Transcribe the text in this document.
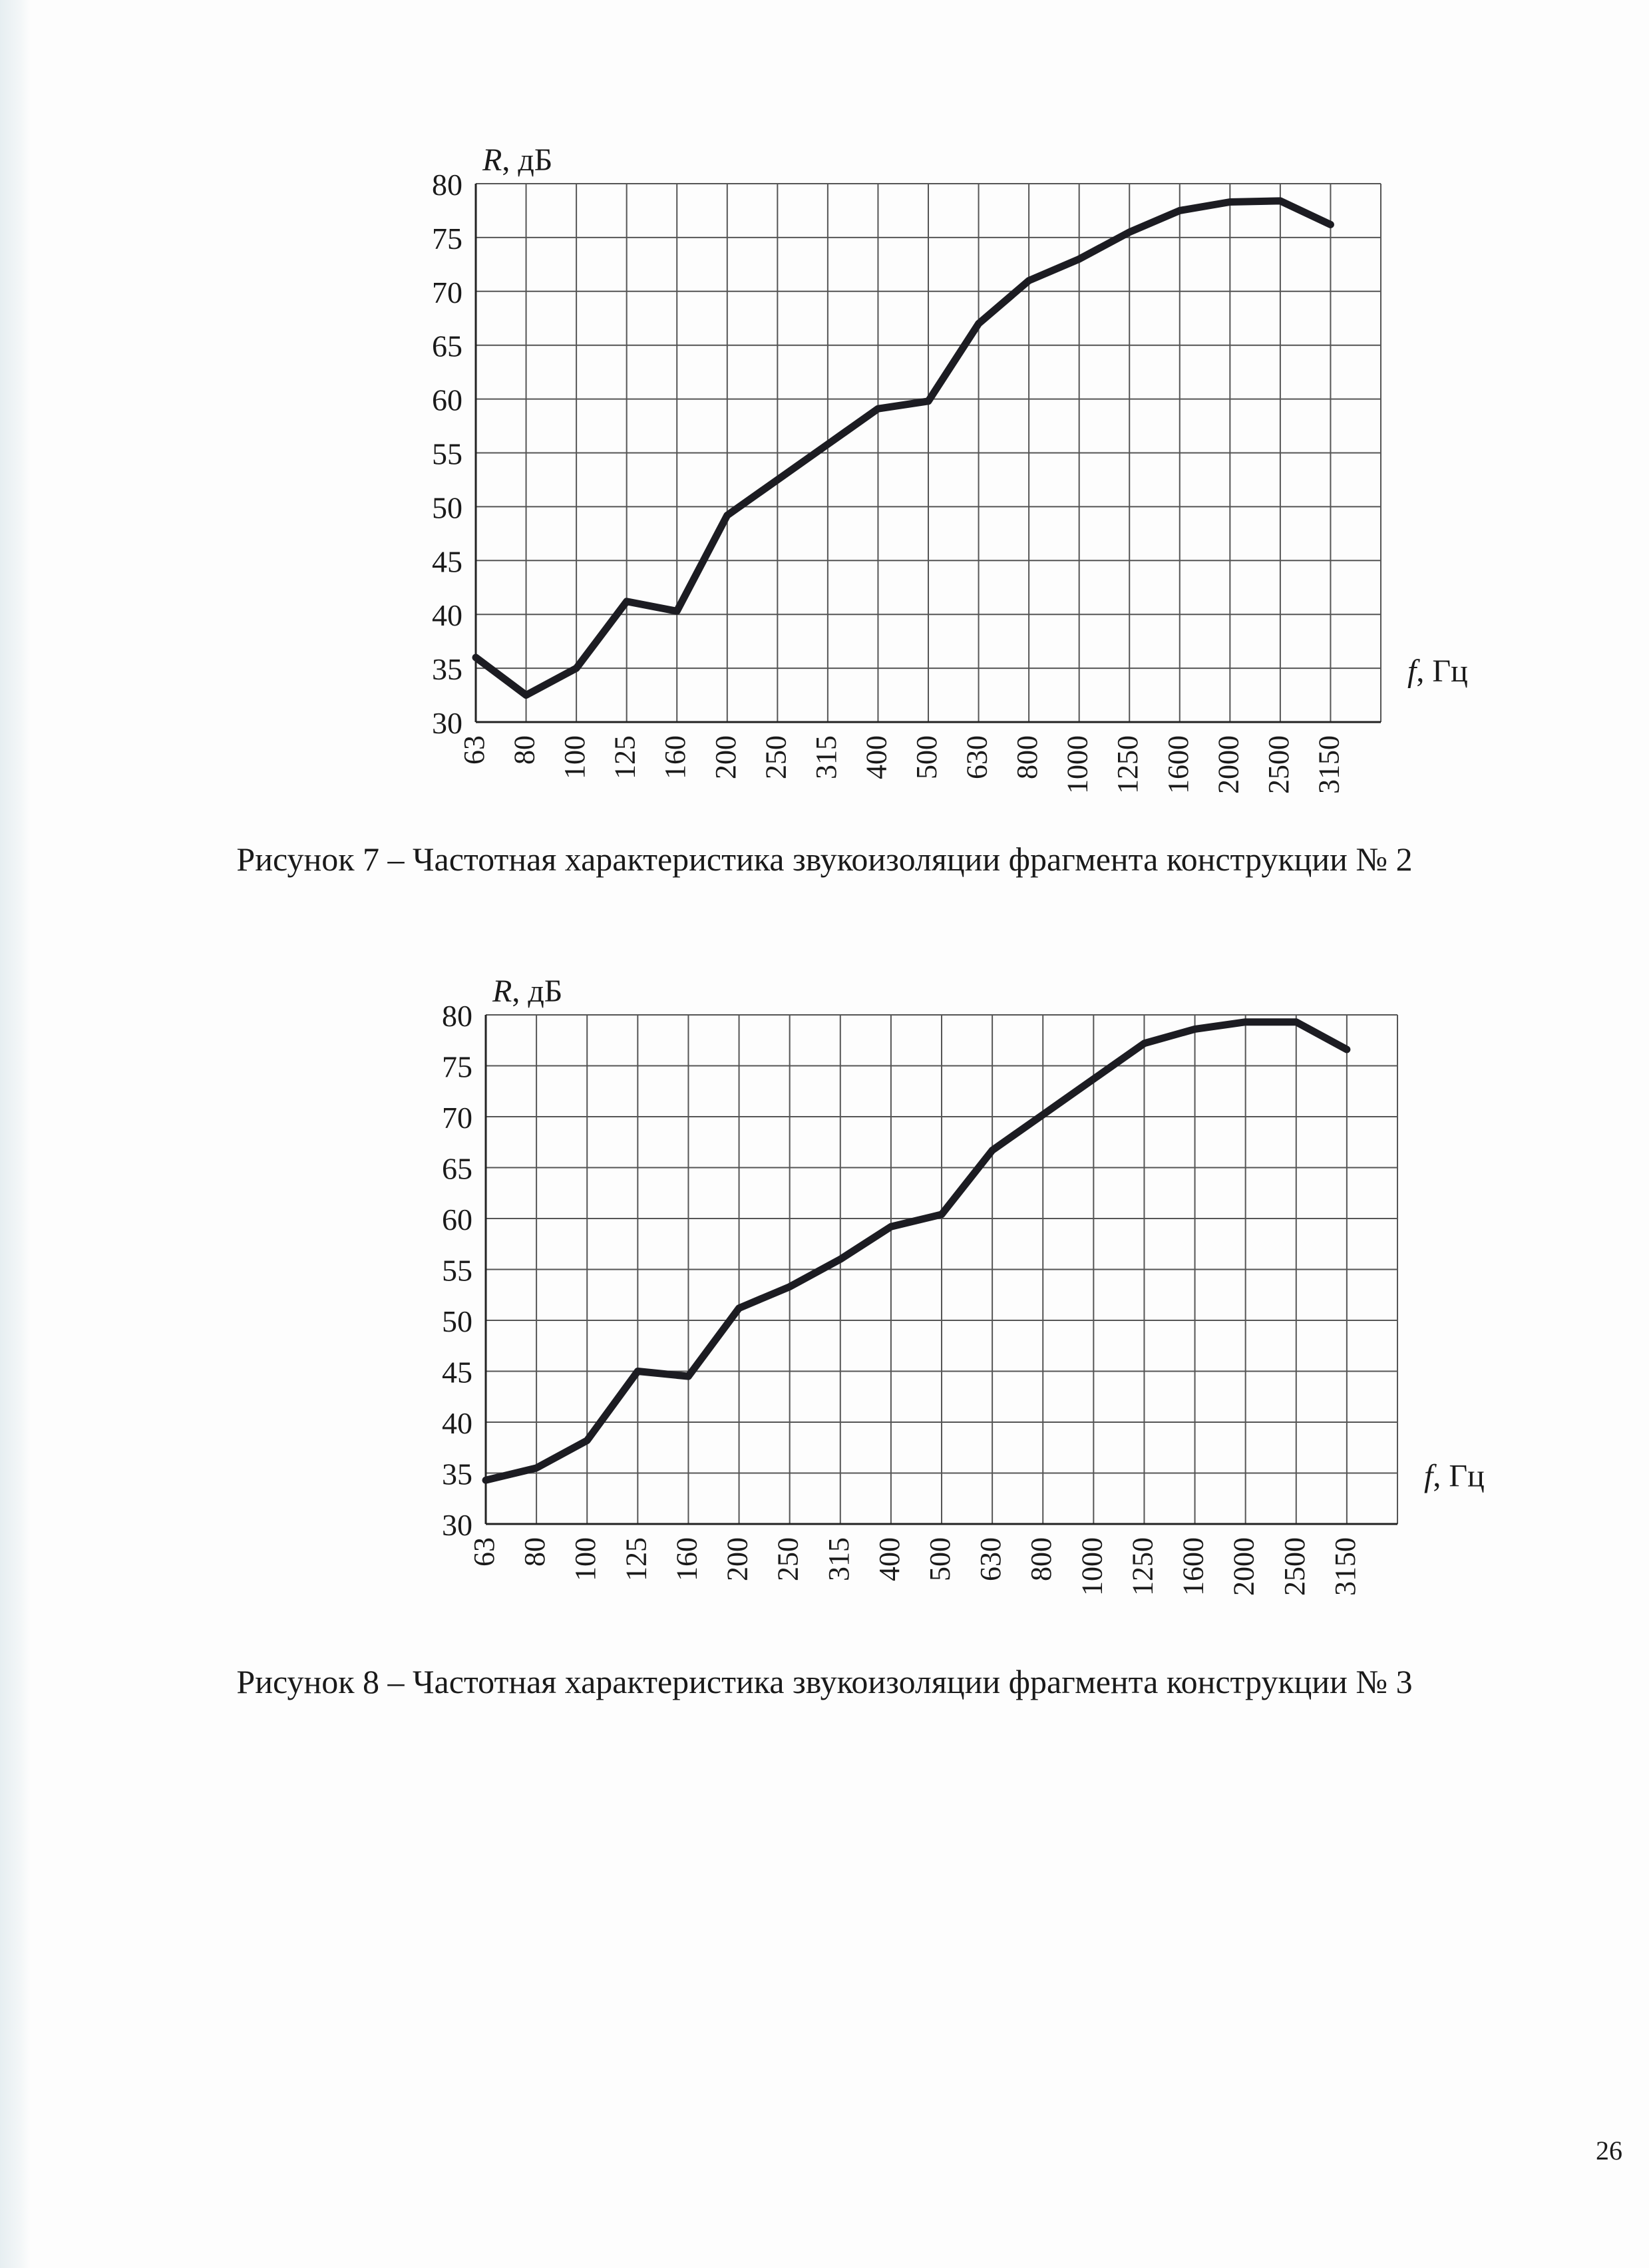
30
35
40
45
50
55
60
65
70
75
80
63 80 100 125 160 200 250 315 400 500 630 800 1000 1250 1600 2000 2500 3150
R, дБ
f, Гц
Рисунок 7 – Частотная характеристика звукоизоляции фрагмента конструкции № 2
30
35
40
45
50
55
60
65
70
75
80
63 80 100 125 160 200 250 315 400 500 630 800 1000 1250 1600 2000 2500 3150
R, дБ
f, Гц
Рисунок 8 – Частотная характеристика звукоизоляции фрагмента конструкции № 3
26
